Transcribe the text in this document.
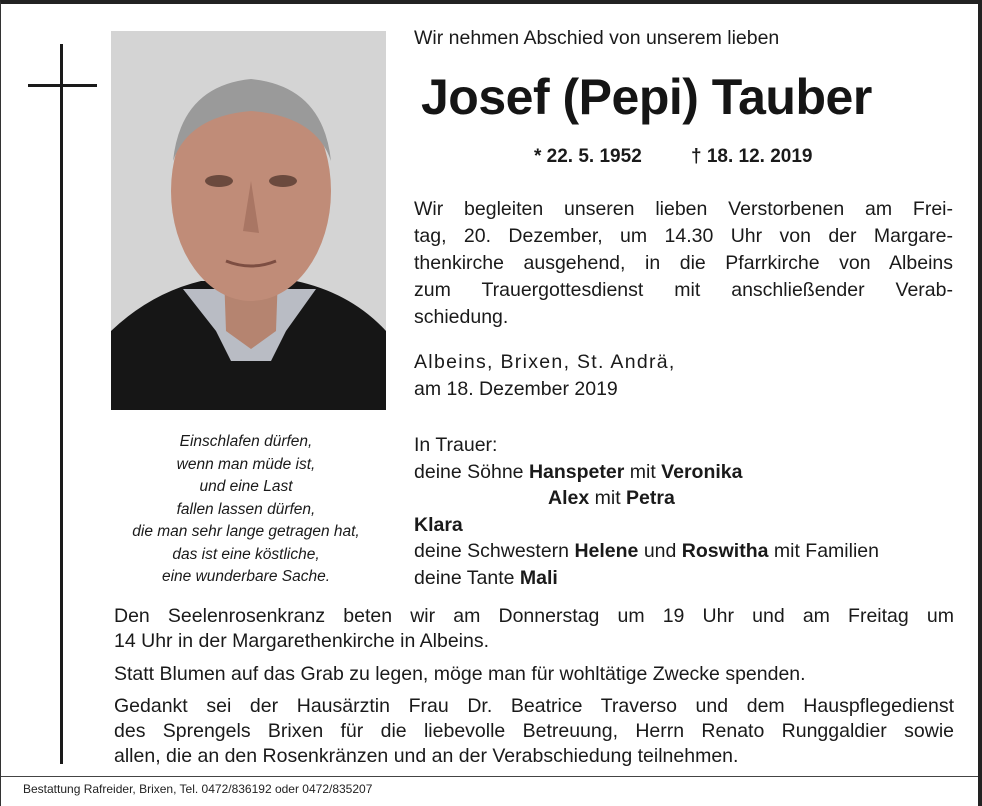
Einschlafen dürfen,
wenn man müde ist,
und eine Last
fallen lassen dürfen,
die man sehr lange getragen hat,
das ist eine köstliche,
eine wunderbare Sache.
Wir nehmen Abschied von unserem lieben
Josef (Pepi) Tauber
* 22. 5. 1952	† 18. 12. 2019
Wir begleiten unseren lieben Verstorbenen am Frei-
tag, 20. Dezember, um 14.30 Uhr von der Margare-
thenkirche ausgehend, in die Pfarrkirche von Albeins
zum Trauergottesdienst mit anschließender Verab-
schiedung.
Albeins, Brixen, St. Andrä,
am 18. Dezember 2019
In Trauer:
deine Söhne Hanspeter mit Veronika
Alex mit Petra
Klara
deine Schwestern Helene und Roswitha mit Familien
deine Tante Mali
Den Seelenrosenkranz beten wir am Donnerstag um 19 Uhr und am Freitag um
14 Uhr in der Margarethenkirche in Albeins.
Statt Blumen auf das Grab zu legen, möge man für wohltätige Zwecke spenden.
Gedankt sei der Hausärztin Frau Dr. Beatrice Traverso und dem Hauspflegedienst
des Sprengels Brixen für die liebevolle Betreuung, Herrn Renato Runggaldier sowie
allen, die an den Rosenkränzen und an der Verabschiedung teilnehmen.
Bestattung Rafreider, Brixen, Tel. 0472/836192 oder 0472/835207
